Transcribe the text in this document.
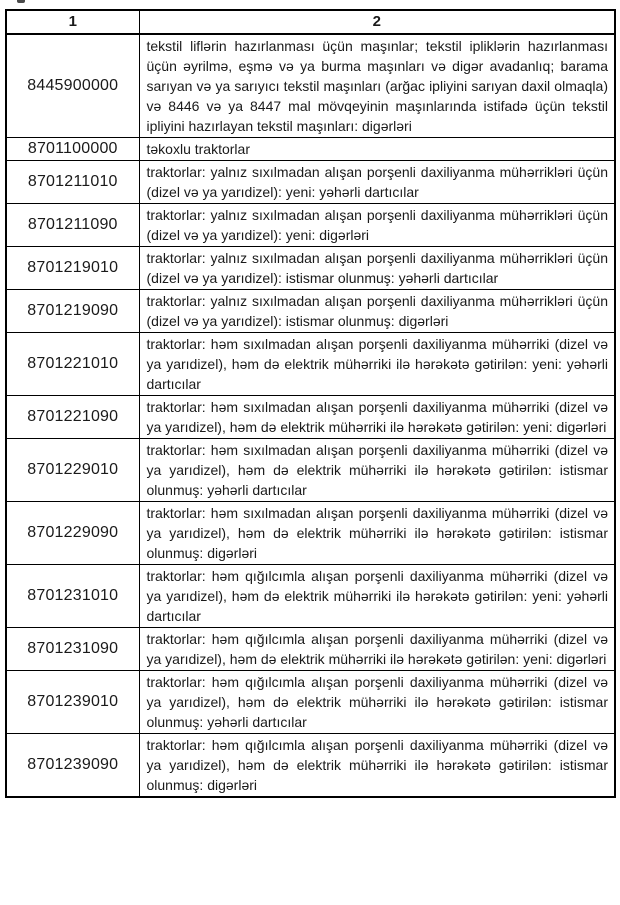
1	2
8445900000	tekstil liflərin hazırlanması üçün maşınlar; tekstil ipliklərin hazırlanması üçün əyrilmə, eşmə və ya burma maşınları və digər avadanlıq; barama sarıyan və ya sarıyıcı tekstil maşınları (arğac ipliyini sarıyan daxil olmaqla) və 8446 və ya 8447 mal mövqeyinin maşınlarında istifadə üçün tekstil ipliyini hazırlayan tekstil maşınları: digərləri
8701100000	təkoxlu traktorlar
8701211010	traktorlar: yalnız sıxılmadan alışan porşenli daxiliyanma mühərrikləri üçün (dizel və ya yarıdizel): yeni: yəhərli dartıcılar
8701211090	traktorlar: yalnız sıxılmadan alışan porşenli daxiliyanma mühərrikləri üçün (dizel və ya yarıdizel): yeni: digərləri
8701219010	traktorlar: yalnız sıxılmadan alışan porşenli daxiliyanma mühərrikləri üçün (dizel və ya yarıdizel): istismar olunmuş: yəhərli dartıcılar
8701219090	traktorlar: yalnız sıxılmadan alışan porşenli daxiliyanma mühərrikləri üçün (dizel və ya yarıdizel): istismar olunmuş: digərləri
8701221010	traktorlar: həm sıxılmadan alışan porşenli daxiliyanma mühərriki (dizel və ya yarıdizel), həm də elektrik mühərriki ilə hərəkətə gətirilən: yeni: yəhərli dartıcılar
8701221090	traktorlar: həm sıxılmadan alışan porşenli daxiliyanma mühərriki (dizel və ya yarıdizel), həm də elektrik mühərriki ilə hərəkətə gətirilən: yeni: digərləri
8701229010	traktorlar: həm sıxılmadan alışan porşenli daxiliyanma mühərriki (dizel və ya yarıdizel), həm də elektrik mühərriki ilə hərəkətə gətirilən: istismar olunmuş: yəhərli dartıcılar
8701229090	traktorlar: həm sıxılmadan alışan porşenli daxiliyanma mühərriki (dizel və ya yarıdizel), həm də elektrik mühərriki ilə hərəkətə gətirilən: istismar olunmuş: digərləri
8701231010	traktorlar: həm qığılcımla alışan porşenli daxiliyanma mühərriki (dizel və ya yarıdizel), həm də elektrik mühərriki ilə hərəkətə gətirilən: yeni: yəhərli dartıcılar
8701231090	traktorlar: həm qığılcımla alışan porşenli daxiliyanma mühərriki (dizel və ya yarıdizel), həm də elektrik mühərriki ilə hərəkətə gətirilən: yeni: digərləri
8701239010	traktorlar: həm qığılcımla alışan porşenli daxiliyanma mühərriki (dizel və ya yarıdizel), həm də elektrik mühərriki ilə hərəkətə gətirilən: istismar olunmuş: yəhərli dartıcılar
8701239090	traktorlar: həm qığılcımla alışan porşenli daxiliyanma mühərriki (dizel və ya yarıdizel), həm də elektrik mühərriki ilə hərəkətə gətirilən: istismar olunmuş: digərləri
